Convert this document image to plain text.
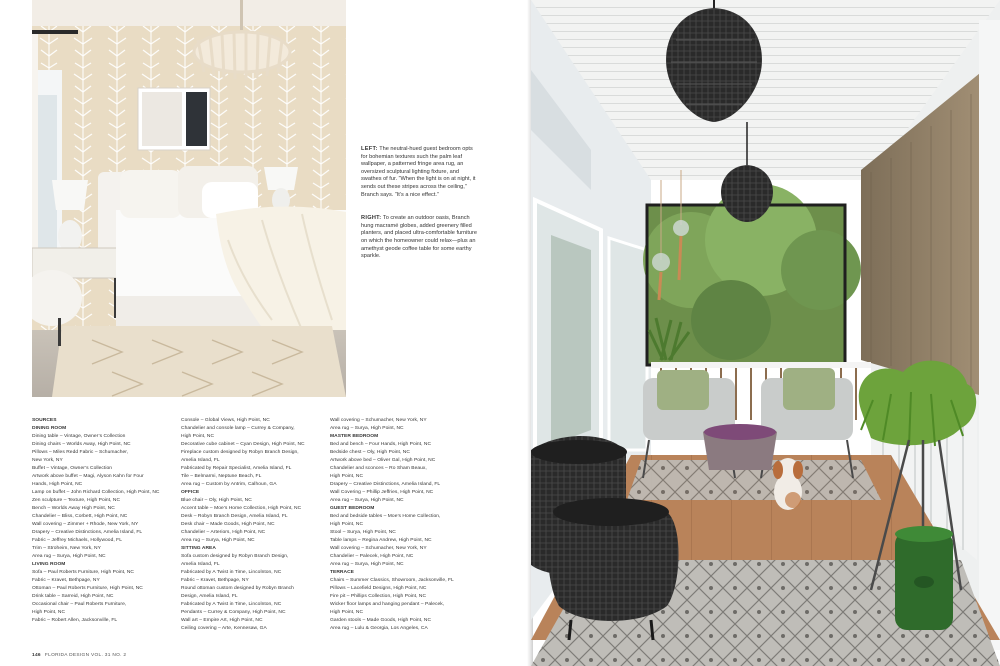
LEFT: The neutral-hued guest bedroom opts for bohemian textures such the palm leaf wallpaper, a patterned fringe area rug, an oversized sculptural lighting fixture, and swathes of fur. “When the light is on at night, it sends out these stripes across the ceiling,” Branch says. “It’s a nice effect.”

RIGHT: To create an outdoor oasis, Branch hung macramé globes, added greenery filled planters, and placed ultra-comfortable furniture on which the homeowner could relax—plus an amethyst geode coffee table for some earthy sparkle.

SOURCES
DINING ROOM
Dining table – Vintage, Owner’s Collection
Dining chairs – Worlds Away, High Point, NC
Pillows – Miles Redd Fabric – Schumacher,
New York, NY
Buffet – Vintage, Owner’s Collection
Artwork above buffet – Magi, Alyson Kahn for Four
Hands, High Point, NC
Lamp on buffet – John Richard Collection, High Point, NC
Zen sculpture – Texture, High Point, NC
Bench – Worlds Away High Point, NC
Chandelier – Bliss, Corbett, High Point, NC
Wall covering – Zimmer + Rhode, New York, NY
Drapery – Creative Distinctions, Amelia Island, FL
Fabric – Jeffrey Michaels, Hollywood, FL
Trim – Stroheim, New York, NY
Area rug – Surya, High Point, NC
LIVING ROOM
Sofa – Paul Roberts Furniture, High Point, NC
Fabric – Kravet, Bethpage, NY
Ottoman – Paul Roberts Furniture, High Point, NC
Drink table – Sarreid, High Point, NC
Occasional chair – Paul Roberts Furniture,
High Point, NC
Fabric – Robert Allen, Jacksonville, FL
Console – Global Views, High Point, NC
Chandelier and console lamp – Currey & Company,
High Point, NC
Decorative cube cabinet – Cyan Design, High Point, NC
Fireplace custom designed by Robyn Branch Design,
Amelia Island, FL
Fabricated by Repair Specialist, Amelia Island, FL
Tile – Belmarmi, Neptune Beach, FL
Area rug – Custom by Antrim, Calhoun, GA
OFFICE
Blue chair – Oly, High Point, NC
Accent table – Moe’s Home Collection, High Point, NC
Desk – Robyn Branch Design, Amelia Island, FL
Desk chair – Made Goods, High Point, NC
Chandelier – Arteriors, High Point, NC
Area rug – Surya, High Point, NC
SITTING AREA
Sofa custom designed by Robyn Branch Design,
Amelia Island, FL
Fabricated by A Twist in Time, Lincolnton, NC
Fabric – Kravet, Bethpage, NY
Round ottoman custom designed by Robyn Branch
Design, Amelia Island, FL
Fabricated by A Twist in Time, Lincolnton, NC
Pendants – Currey & Company, High Point, NC
Wall art – Empire Art, High Point, NC
Ceiling covering – Arte, Kennesaw, GA
Wall covering – Schumacher, New York, NY
Area rug – Surya, High Point, NC
MASTER BEDROOM
Bed and bench – Four Hands, High Point, NC
Bedside chest – Oly, High Point, NC
Artwork above bed – Oliver Gal, High Point, NC
Chandelier and sconces – Ro Sham Beaux,
High Point, NC
Drapery – Creative Distinctions, Amelia Island, FL
Wall Covering – Phillip Jeffries, High Point, NC
Area rug – Surya, High Point, NC
GUEST BEDROOM
Bed and bedside tables – Moe’s Home Collection,
High Point, NC
Stool – Surya, High Point, NC
Table lamps – Regina Andrew, High Point, NC
Wall covering – Schumacher, New York, NY
Chandelier – Palecek, High Point, NC
Area rug – Surya, High Point, NC
TERRACE
Chairs – Summer Classics, Showroom, Jacksonville, FL
Pillows – Lacefield Designs, High Point, NC
Fire pit – Phillips Collection, High Point, NC
Wicker floor lamps and hanging pendant – Palecek,
High Point, NC
Garden stools – Made Goods, High Point, NC
Area rug – Lulu & Georgia, Los Angeles, CA
146 FLORIDA DESIGN VOL. 31 NO. 2
